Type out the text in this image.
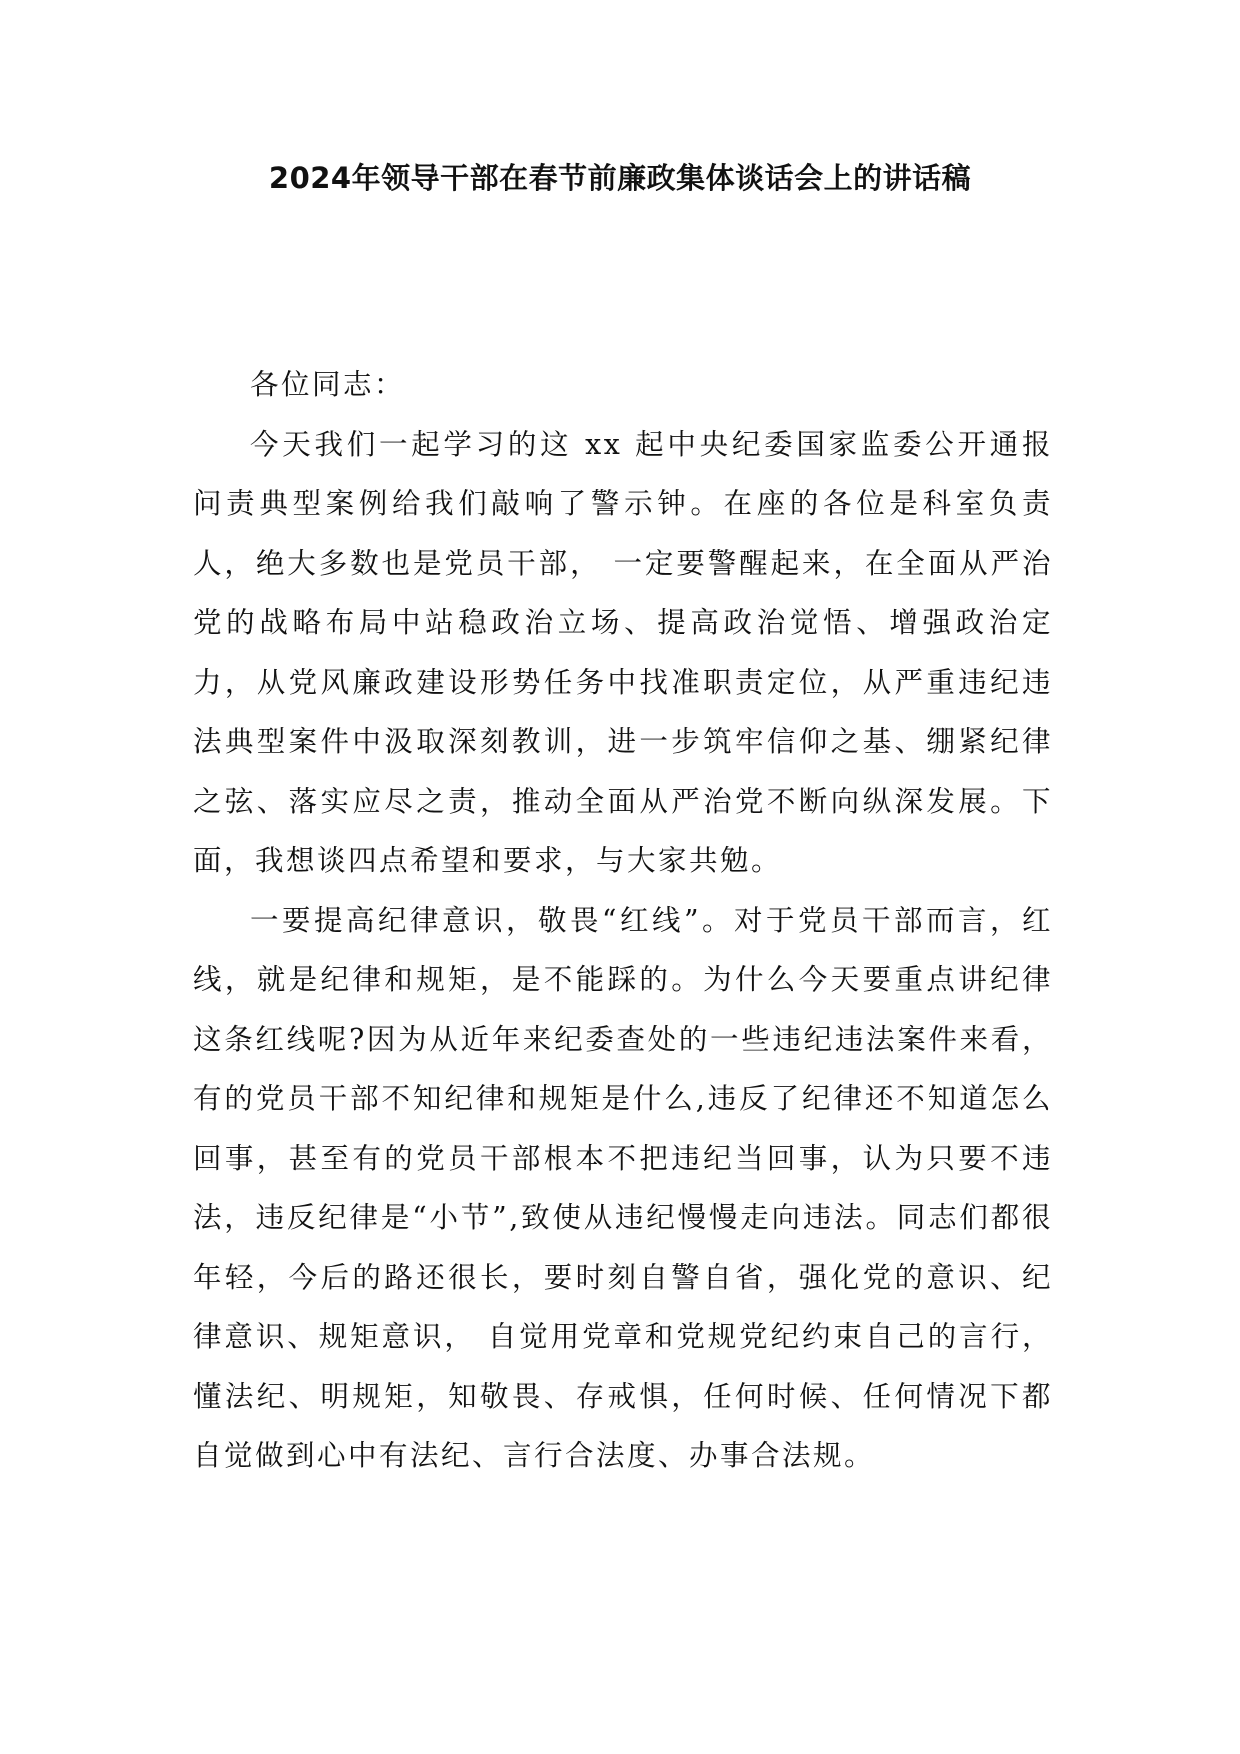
2024年领导干部在春节前廉政集体谈话会上的讲话稿

各位同志：

今天我们一起学习的这 xx 起中央纪委国家监委公开通报问责典型案例给我们敲响了警示钟。在座的各位是科室负责人，绝大多数也是党员干部， 一定要警醒起来，在全面从严治党的战略布局中站稳政治立场、提高政治觉悟、增强政治定力，从党风廉政建设形势任务中找准职责定位，从严重违纪违法典型案件中汲取深刻教训，进一步筑牢信仰之基、绷紧纪律之弦、落实应尽之责，推动全面从严治党不断向纵深发展。下面，我想谈四点希望和要求，与大家共勉。

一要提高纪律意识，敬畏“红线”。对于党员干部而言，红线，就是纪律和规矩，是不能踩的。为什么今天要重点讲纪律这条红线呢?因为从近年来纪委查处的一些违纪违法案件来看，有的党员干部不知纪律和规矩是什么,违反了纪律还不知道怎么回事，甚至有的党员干部根本不把违纪当回事，认为只要不违法，违反纪律是“小节”,致使从违纪慢慢走向违法。同志们都很年轻，今后的路还很长，要时刻自警自省，强化党的意识、纪律意识、规矩意识， 自觉用党章和党规党纪约束自己的言行，懂法纪、明规矩，知敬畏、存戒惧，任何时候、任何情况下都自觉做到心中有法纪、言行合法度、办事合法规。
